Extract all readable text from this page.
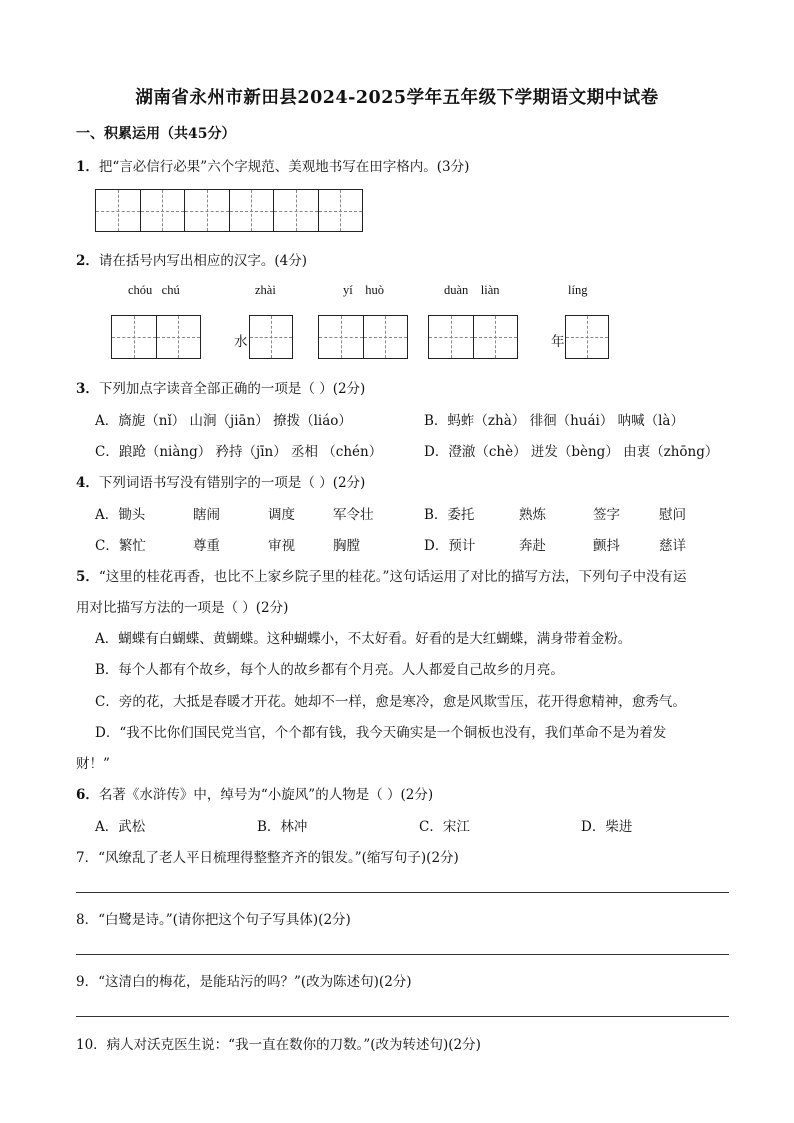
湖南省永州市新田县2024-2025学年五年级下学期语文期中试卷
一、积累运用（共45分）
1．把“言必信行必果”六个字规范、美观地书写在田字格内。(3分)
2．请在括号内写出相应的汉字。(4分)
chóu   chú	zhài	yí    huò	duàn    liàn	líng
水	年
3．下列加点字读音全部正确的一项是（ ）(2分)
A．旖旎（nǐ） 山涧（jiān） 撩拨（liáo）	B．蚂蚱（zhà） 徘徊（huái） 呐喊（là）
C．踉跄（niàng） 矜持（jīn） 丞相 （chén）	D．澄澈（chè） 迸发（bèng） 由衷（zhōng）
4．下列词语书写没有错别字的一项是（ ）(2分)
A．锄头	瞎闹	调度	军令壮	B．委托	熟炼	签字	慰问
C．繁忙	尊重	审视	胸膛	D．预计	奔赴	颤抖	慈详
5．“这里的桂花再香，也比不上家乡院子里的桂花。”这句话运用了对比的描写方法，下列句子中没有运
用对比描写方法的一项是（ ）(2分)
A．蝴蝶有白蝴蝶、黄蝴蝶。这种蝴蝶小，不太好看。好看的是大红蝴蝶，满身带着金粉。
B．每个人都有个故乡，每个人的故乡都有个月亮。人人都爱自己故乡的月亮。
C．旁的花，大抵是春暖才开花。她却不一样，愈是寒冷，愈是风欺雪压，花开得愈精神，愈秀气。
D．“我不比你们国民党当官，个个都有钱，我今天确实是一个铜板也没有，我们革命不是为着发
财！”
6．名著《水浒传》中，绰号为“小旋风”的人物是（ ）(2分)
A．武松	B．林冲	C．宋江	D．柴进
7．“风缭乱了老人平日梳理得整整齐齐的银发。”(缩写句子)(2分)
8．“白鹭是诗。”(请你把这个句子写具体)(2分)
9．“这清白的梅花，是能玷污的吗？”(改为陈述句)(2分)
10．病人对沃克医生说：“我一直在数你的刀数。”(改为转述句)(2分)
